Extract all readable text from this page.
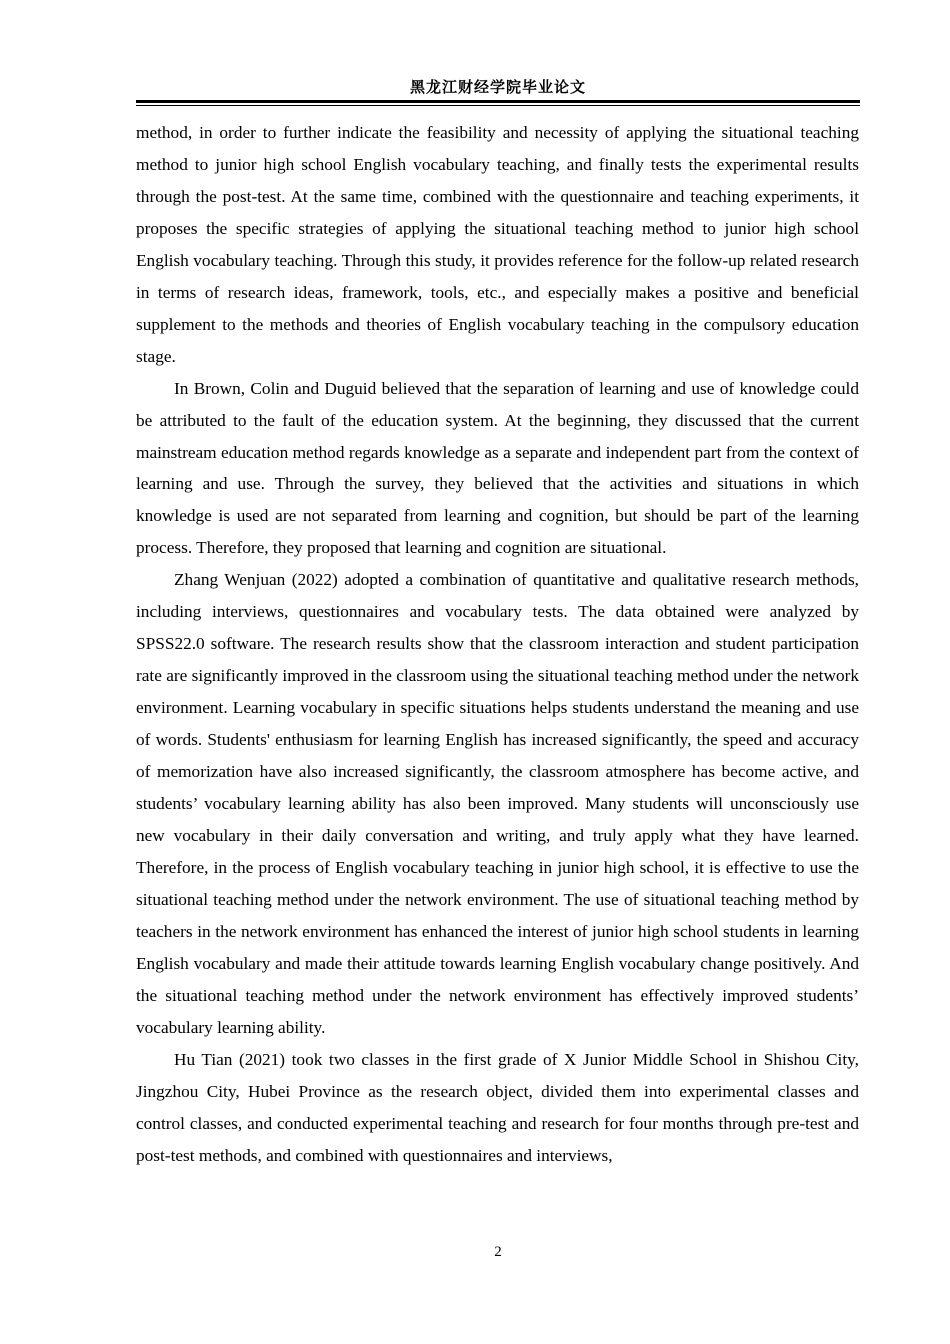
黑龙江财经学院毕业论文

method, in order to further indicate the feasibility and necessity of applying the situational teaching method to junior high school English vocabulary teaching, and finally tests the experimental results through the post-test. At the same time, combined with the questionnaire and teaching experiments, it proposes the specific strategies of applying the situational teaching method to junior high school English vocabulary teaching. Through this study, it provides reference for the follow-up related research in terms of research ideas, framework, tools, etc., and especially makes a positive and beneficial supplement to the methods and theories of English vocabulary teaching in the compulsory education stage.

In Brown, Colin and Duguid believed that the separation of learning and use of knowledge could be attributed to the fault of the education system. At the beginning, they discussed that the current mainstream education method regards knowledge as a separate and independent part from the context of learning and use. Through the survey, they believed that the activities and situations in which knowledge is used are not separated from learning and cognition, but should be part of the learning process. Therefore, they proposed that learning and cognition are situational.

Zhang Wenjuan (2022) adopted a combination of quantitative and qualitative research methods, including interviews, questionnaires and vocabulary tests. The data obtained were analyzed by SPSS22.0 software. The research results show that the classroom interaction and student participation rate are significantly improved in the classroom using the situational teaching method under the network environment. Learning vocabulary in specific situations helps students understand the meaning and use of words. Students' enthusiasm for learning English has increased significantly, the speed and accuracy of memorization have also increased significantly, the classroom atmosphere has become active, and students’ vocabulary learning ability has also been improved. Many students will unconsciously use new vocabulary in their daily conversation and writing, and truly apply what they have learned. Therefore, in the process of English vocabulary teaching in junior high school, it is effective to use the situational teaching method under the network environment. The use of situational teaching method by teachers in the network environment has enhanced the interest of junior high school students in learning English vocabulary and made their attitude towards learning English vocabulary change positively. And the situational teaching method under the network environment has effectively improved students’ vocabulary learning ability.

Hu Tian (2021) took two classes in the first grade of X Junior Middle School in Shishou City, Jingzhou City, Hubei Province as the research object, divided them into experimental classes and control classes, and conducted experimental teaching and research for four months through pre-test and post-test methods, and combined with questionnaires and interviews,

2
